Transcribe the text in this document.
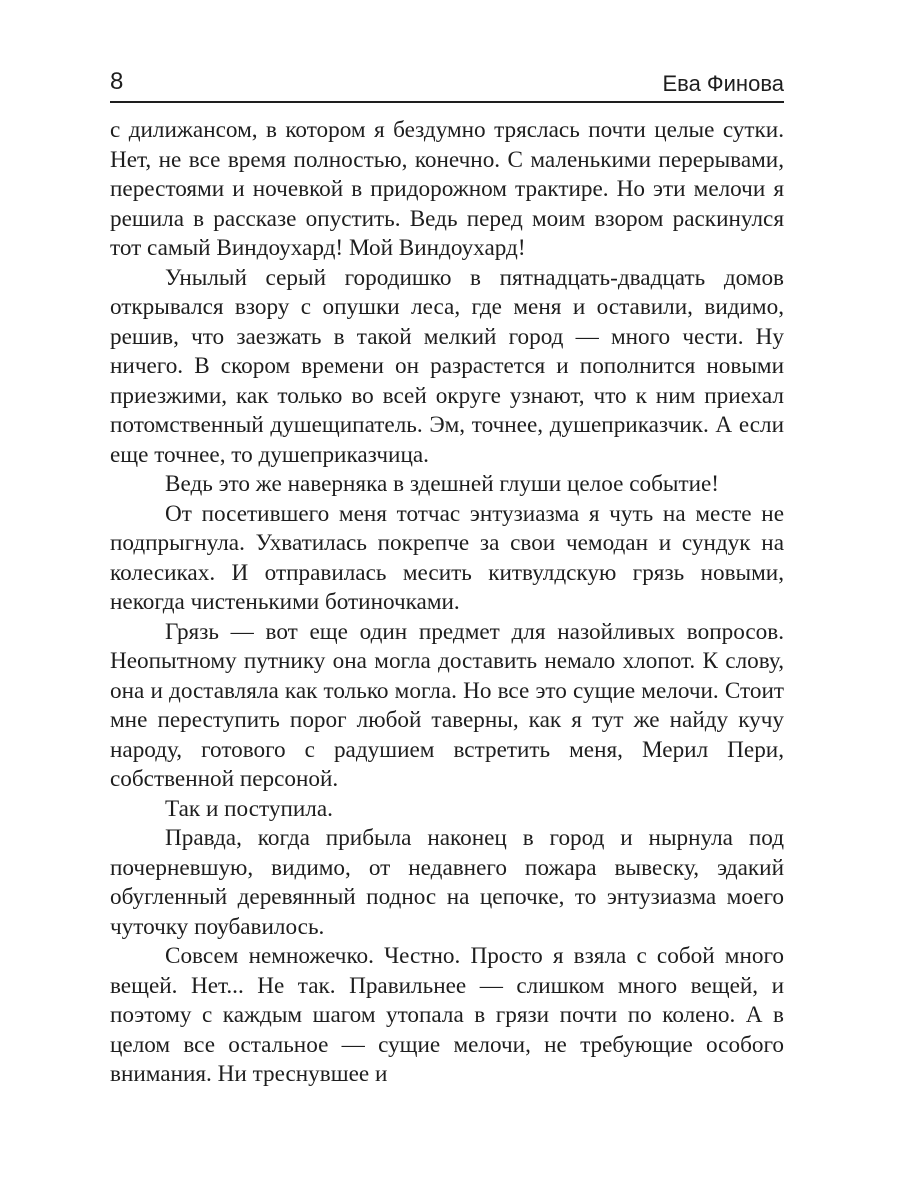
8	Ева Финова

с дилижансом, в котором я бездумно тряслась почти целые сутки. Нет, не все время полностью, конечно. С маленькими перерывами, перестоями и ночевкой в придорожном трактире. Но эти мелочи я решила в рассказе опустить. Ведь перед моим взором раскинулся тот самый Виндоухард! Мой Виндоухард!

Унылый серый городишко в пятнадцать-двадцать домов открывался взору с опушки леса, где меня и оставили, видимо, решив, что заезжать в такой мелкий город — много чести. Ну ничего. В скором времени он разрастется и пополнится новыми приезжими, как только во всей округе узнают, что к ним приехал потомственный душещипатель. Эм, точнее, душеприказчик. А если еще точнее, то душеприказчица.

Ведь это же наверняка в здешней глуши целое событие!

От посетившего меня тотчас энтузиазма я чуть на месте не подпрыгнула. Ухватилась покрепче за свои чемодан и сундук на колесиках. И отправилась месить китвулдскую грязь новыми, некогда чистенькими ботиночками.

Грязь — вот еще один предмет для назойливых вопросов. Неопытному путнику она могла доставить немало хлопот. К слову, она и доставляла как только могла. Но все это сущие мелочи. Стоит мне переступить порог любой таверны, как я тут же найду кучу народу, готового с радушием встретить меня, Мерил Пери, собственной персоной.

Так и поступила.

Правда, когда прибыла наконец в город и нырнула под почерневшую, видимо, от недавнего пожара вывеску, эдакий обугленный деревянный поднос на цепочке, то энтузиазма моего чуточку поубавилось.

Совсем немножечко. Честно. Просто я взяла с собой много вещей. Нет... Не так. Правильнее — слишком много вещей, и поэтому с каждым шагом утопала в грязи почти по колено. А в целом все остальное — сущие мелочи, не требующие особого внимания. Ни треснувшее и
